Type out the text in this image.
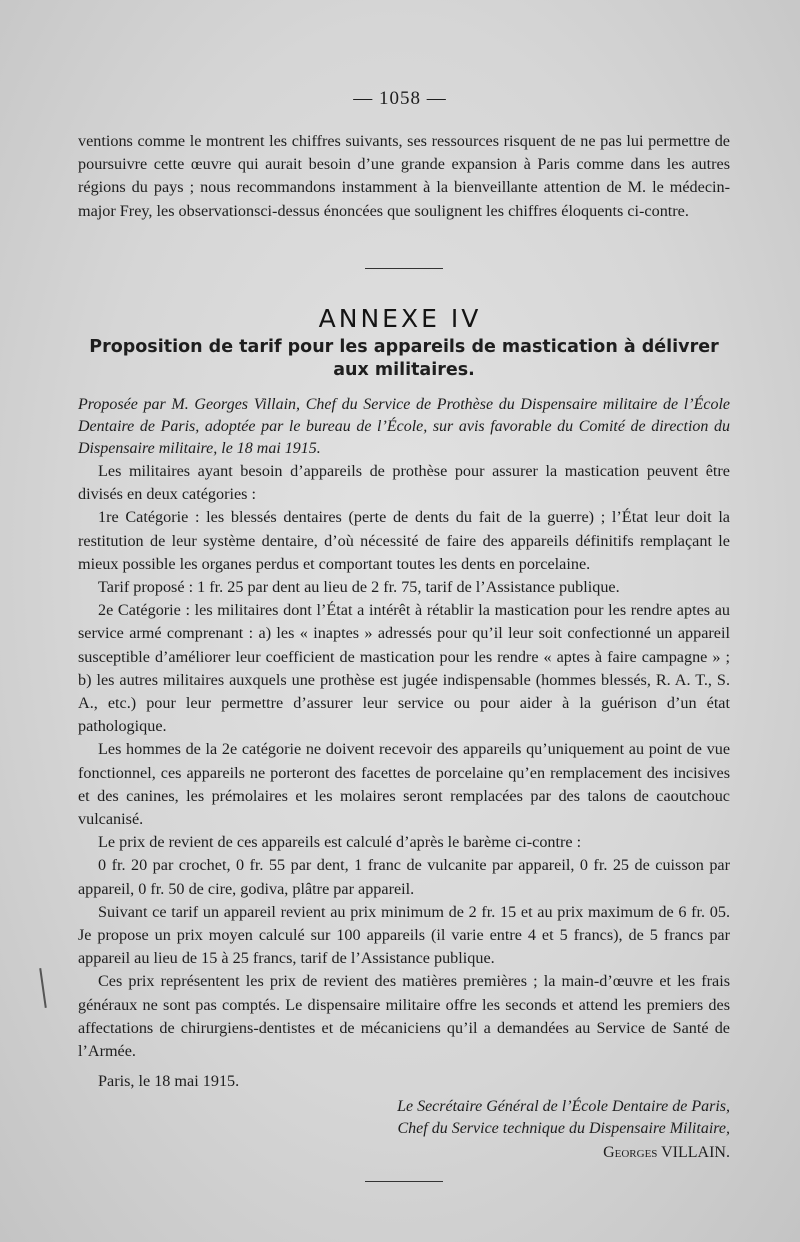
— 1058 —

ventions comme le montrent les chiffres suivants, ses ressources risquent de ne pas lui permettre de poursuivre cette œuvre qui aurait besoin d’une grande expansion à Paris comme dans les autres régions du pays ; nous recommandons instamment à la bienveillante attention de M. le médecin-major Frey, les observationsci-dessus énoncées que soulignent les chiffres éloquents ci-contre.

ANNEXE IV
Proposition de tarif pour les appareils de mastication à délivrer aux militaires.
Proposée par M. Georges Villain, Chef du Service de Prothèse du Dispensaire militaire de l’École Dentaire de Paris, adoptée par le bureau de l’École, sur avis favorable du Comité de direction du Dispensaire militaire, le 18 mai 1915.

Les militaires ayant besoin d’appareils de prothèse pour assurer la mastication peuvent être divisés en deux catégories :

1re Catégorie : les blessés dentaires (perte de dents du fait de la guerre) ; l’État leur doit la restitution de leur système dentaire, d’où nécessité de faire des appareils définitifs remplaçant le mieux possible les organes perdus et comportant toutes les dents en porcelaine.

Tarif proposé : 1 fr. 25 par dent au lieu de 2 fr. 75, tarif de l’Assistance publique.

2e Catégorie : les militaires dont l’État a intérêt à rétablir la mastication pour les rendre aptes au service armé comprenant : a) les « inaptes » adressés pour qu’il leur soit confectionné un appareil susceptible d’améliorer leur coefficient de mastication pour les rendre « aptes à faire campagne » ; b) les autres militaires auxquels une prothèse est jugée indispensable (hommes blessés, R. A. T., S. A., etc.) pour leur permettre d’assurer leur service ou pour aider à la guérison d’un état pathologique.

Les hommes de la 2e catégorie ne doivent recevoir des appareils qu’uniquement au point de vue fonctionnel, ces appareils ne porteront des facettes de porcelaine qu’en remplacement des incisives et des canines, les prémolaires et les molaires seront remplacées par des talons de caoutchouc vulcanisé.

Le prix de revient de ces appareils est calculé d’après le barème ci-contre :

0 fr. 20 par crochet, 0 fr. 55 par dent, 1 franc de vulcanite par appareil, 0 fr. 25 de cuisson par appareil, 0 fr. 50 de cire, godiva, plâtre par appareil.

Suivant ce tarif un appareil revient au prix minimum de 2 fr. 15 et au prix maximum de 6 fr. 05. Je propose un prix moyen calculé sur 100 appareils (il varie entre 4 et 5 francs), de 5 francs par appareil au lieu de 15 à 25 francs, tarif de l’Assistance publique.

Ces prix représentent les prix de revient des matières premières ; la main-d’œuvre et les frais généraux ne sont pas comptés. Le dispensaire militaire offre les seconds et attend les premiers des affectations de chirurgiens-dentistes et de mécaniciens qu’il a demandées au Service de Santé de l’Armée.

Paris, le 18 mai 1915.
Le Secrétaire Général de l’École Dentaire de Paris,
Chef du Service technique du Dispensaire Militaire,
Georges VILLAIN.
